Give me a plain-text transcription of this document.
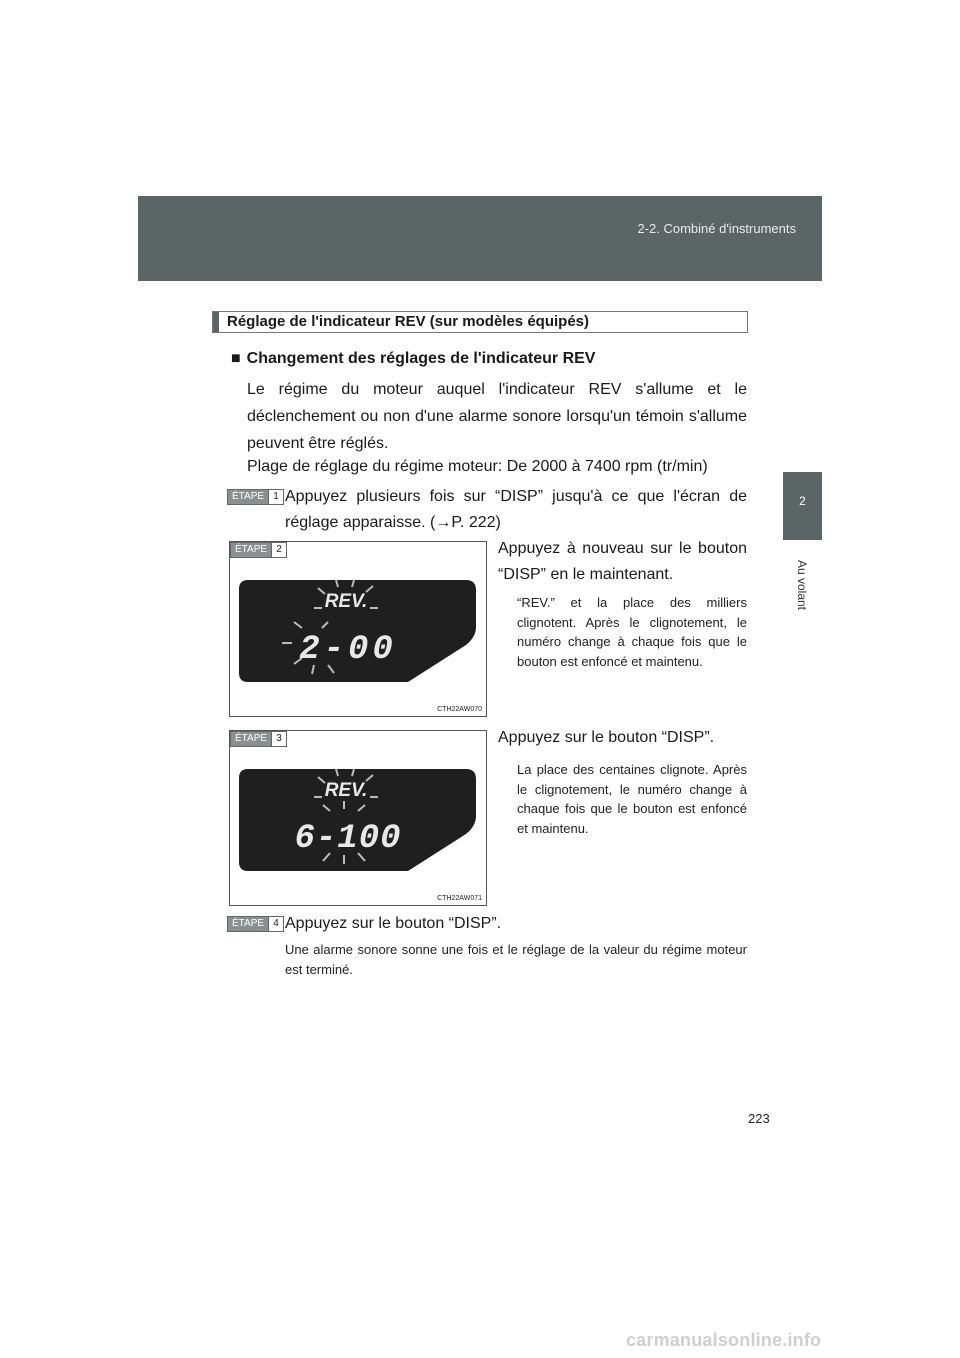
2-2. Combiné d'instruments
2
Au volant
Réglage de l'indicateur REV (sur modèles équipés)
■ Changement des réglages de l'indicateur REV
Le régime du moteur auquel l'indicateur REV s'allume et le déclenchement ou non d'une alarme sonore lorsqu'un témoin s'allume peuvent être réglés.
Plage de réglage du régime moteur: De 2000 à 7400 rpm (tr/min)
ÉTAPE 1 Appuyez plusieurs fois sur “DISP” jusqu'à ce que l'écran de réglage apparaisse. (→P. 222)
ÉTAPE 2
REV.
2-00
CTH22AW070
Appuyez à nouveau sur le bouton “DISP” en le maintenant.
“REV.” et la place des milliers clignotent. Après le clignotement, le numéro change à chaque fois que le bouton est enfoncé et maintenu.
ÉTAPE 3
REV.
6-100
CTH22AW071
Appuyez sur le bouton “DISP”.
La place des centaines clignote. Après le clignotement, le numéro change à chaque fois que le bouton est enfoncé et maintenu.
ÉTAPE 4 Appuyez sur le bouton “DISP”.
Une alarme sonore sonne une fois et le réglage de la valeur du régime moteur est terminé.
223
carmanualsonline.info
